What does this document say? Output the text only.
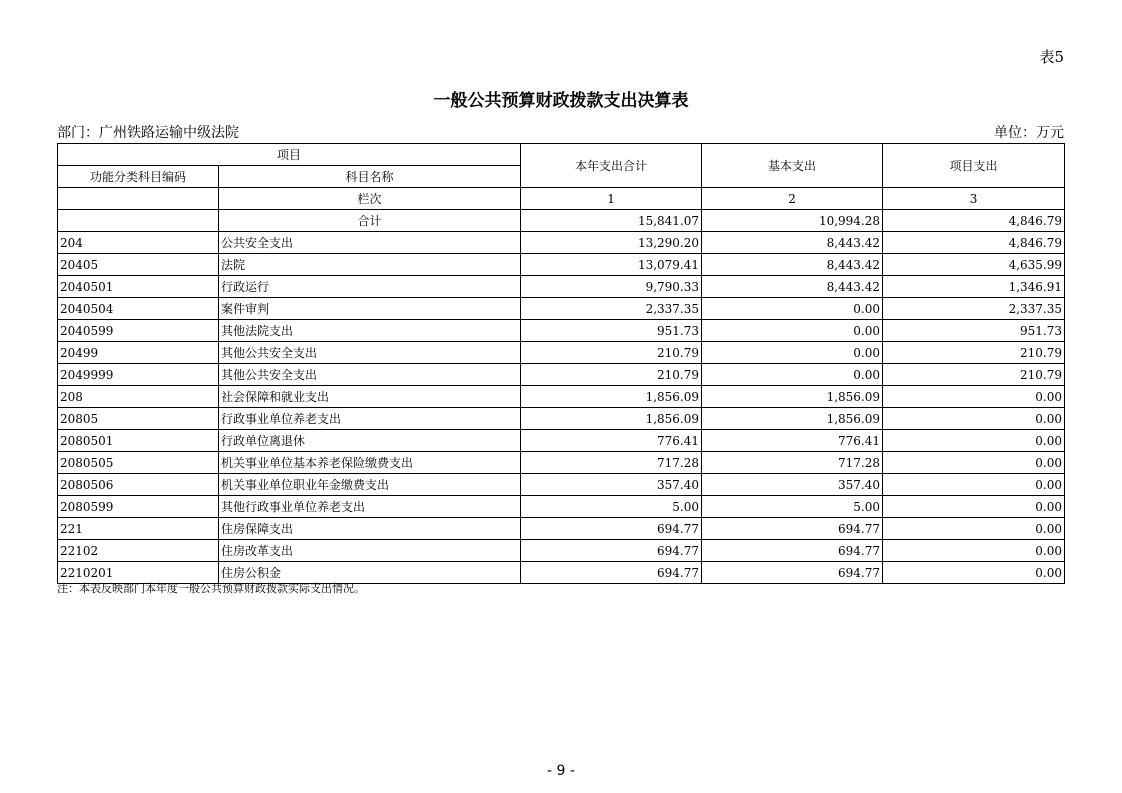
表5
一般公共预算财政拨款支出决算表
部门：广州铁路运输中级法院	单位：万元
项目		本年支出合计	基本支出	项目支出
功能分类科目编码	科目名称			
	栏次	1	2	3
	合计	15,841.07	10,994.28	4,846.79
204	公共安全支出	13,290.20	8,443.42	4,846.79
20405	法院	13,079.41	8,443.42	4,635.99
2040501	行政运行	9,790.33	8,443.42	1,346.91
2040504	案件审判	2,337.35	0.00	2,337.35
2040599	其他法院支出	951.73	0.00	951.73
20499	其他公共安全支出	210.79	0.00	210.79
2049999	其他公共安全支出	210.79	0.00	210.79
208	社会保障和就业支出	1,856.09	1,856.09	0.00
20805	行政事业单位养老支出	1,856.09	1,856.09	0.00
2080501	行政单位离退休	776.41	776.41	0.00
2080505	机关事业单位基本养老保险缴费支出	717.28	717.28	0.00
2080506	机关事业单位职业年金缴费支出	357.40	357.40	0.00
2080599	其他行政事业单位养老支出	5.00	5.00	0.00
221	住房保障支出	694.77	694.77	0.00
22102	住房改革支出	694.77	694.77	0.00
2210201	住房公积金	694.77	694.77	0.00
注：本表反映部门本年度一般公共预算财政拨款实际支出情况。
- 9 -
